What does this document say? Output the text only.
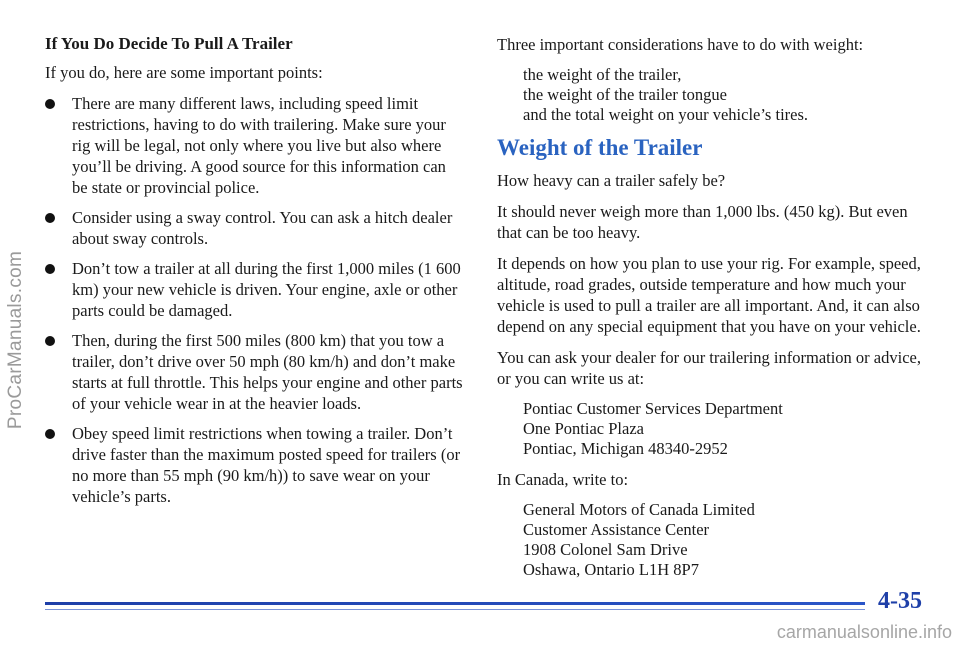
ProCarManuals.com
If You Do Decide To Pull A Trailer

If you do, here are some important points:

There are many different laws, including speed limit restrictions, having to do with trailering. Make sure your rig will be legal, not only where you live but also where you’ll be driving. A good source for this information can be state or provincial police.
Consider using a sway control. You can ask a hitch dealer about sway controls.
Don’t tow a trailer at all during the first 1,000 miles (1 600 km) your new vehicle is driven. Your engine, axle or other parts could be damaged.
Then, during the first 500 miles (800 km) that you tow a trailer, don’t drive over 50 mph (80 km/h) and don’t make starts at full throttle. This helps your engine and other parts of your vehicle wear in at the heavier loads.
Obey speed limit restrictions when towing a trailer. Don’t drive faster than the maximum posted speed for trailers (or no more than 55 mph (90 km/h)) to save wear on your vehicle’s parts.

Three important considerations have to do with weight:

the weight of the trailer,

the weight of the trailer tongue

and the total weight on your vehicle’s tires.

Weight of the Trailer

How heavy can a trailer safely be?

It should never weigh more than 1,000 lbs. (450 kg). But even that can be too heavy.

It depends on how you plan to use your rig. For example, speed, altitude, road grades, outside temperature and how much your vehicle is used to pull a trailer are all important. And, it can also depend on any special equipment that you have on your vehicle.

You can ask your dealer for our trailering information or advice, or you can write us at:

Pontiac Customer Services Department

One Pontiac Plaza

Pontiac, Michigan 48340-2952

In Canada, write to:

General Motors of Canada Limited

Customer Assistance Center

1908 Colonel Sam Drive

Oshawa, Ontario L1H 8P7

4-35
carmanualsonline.info
